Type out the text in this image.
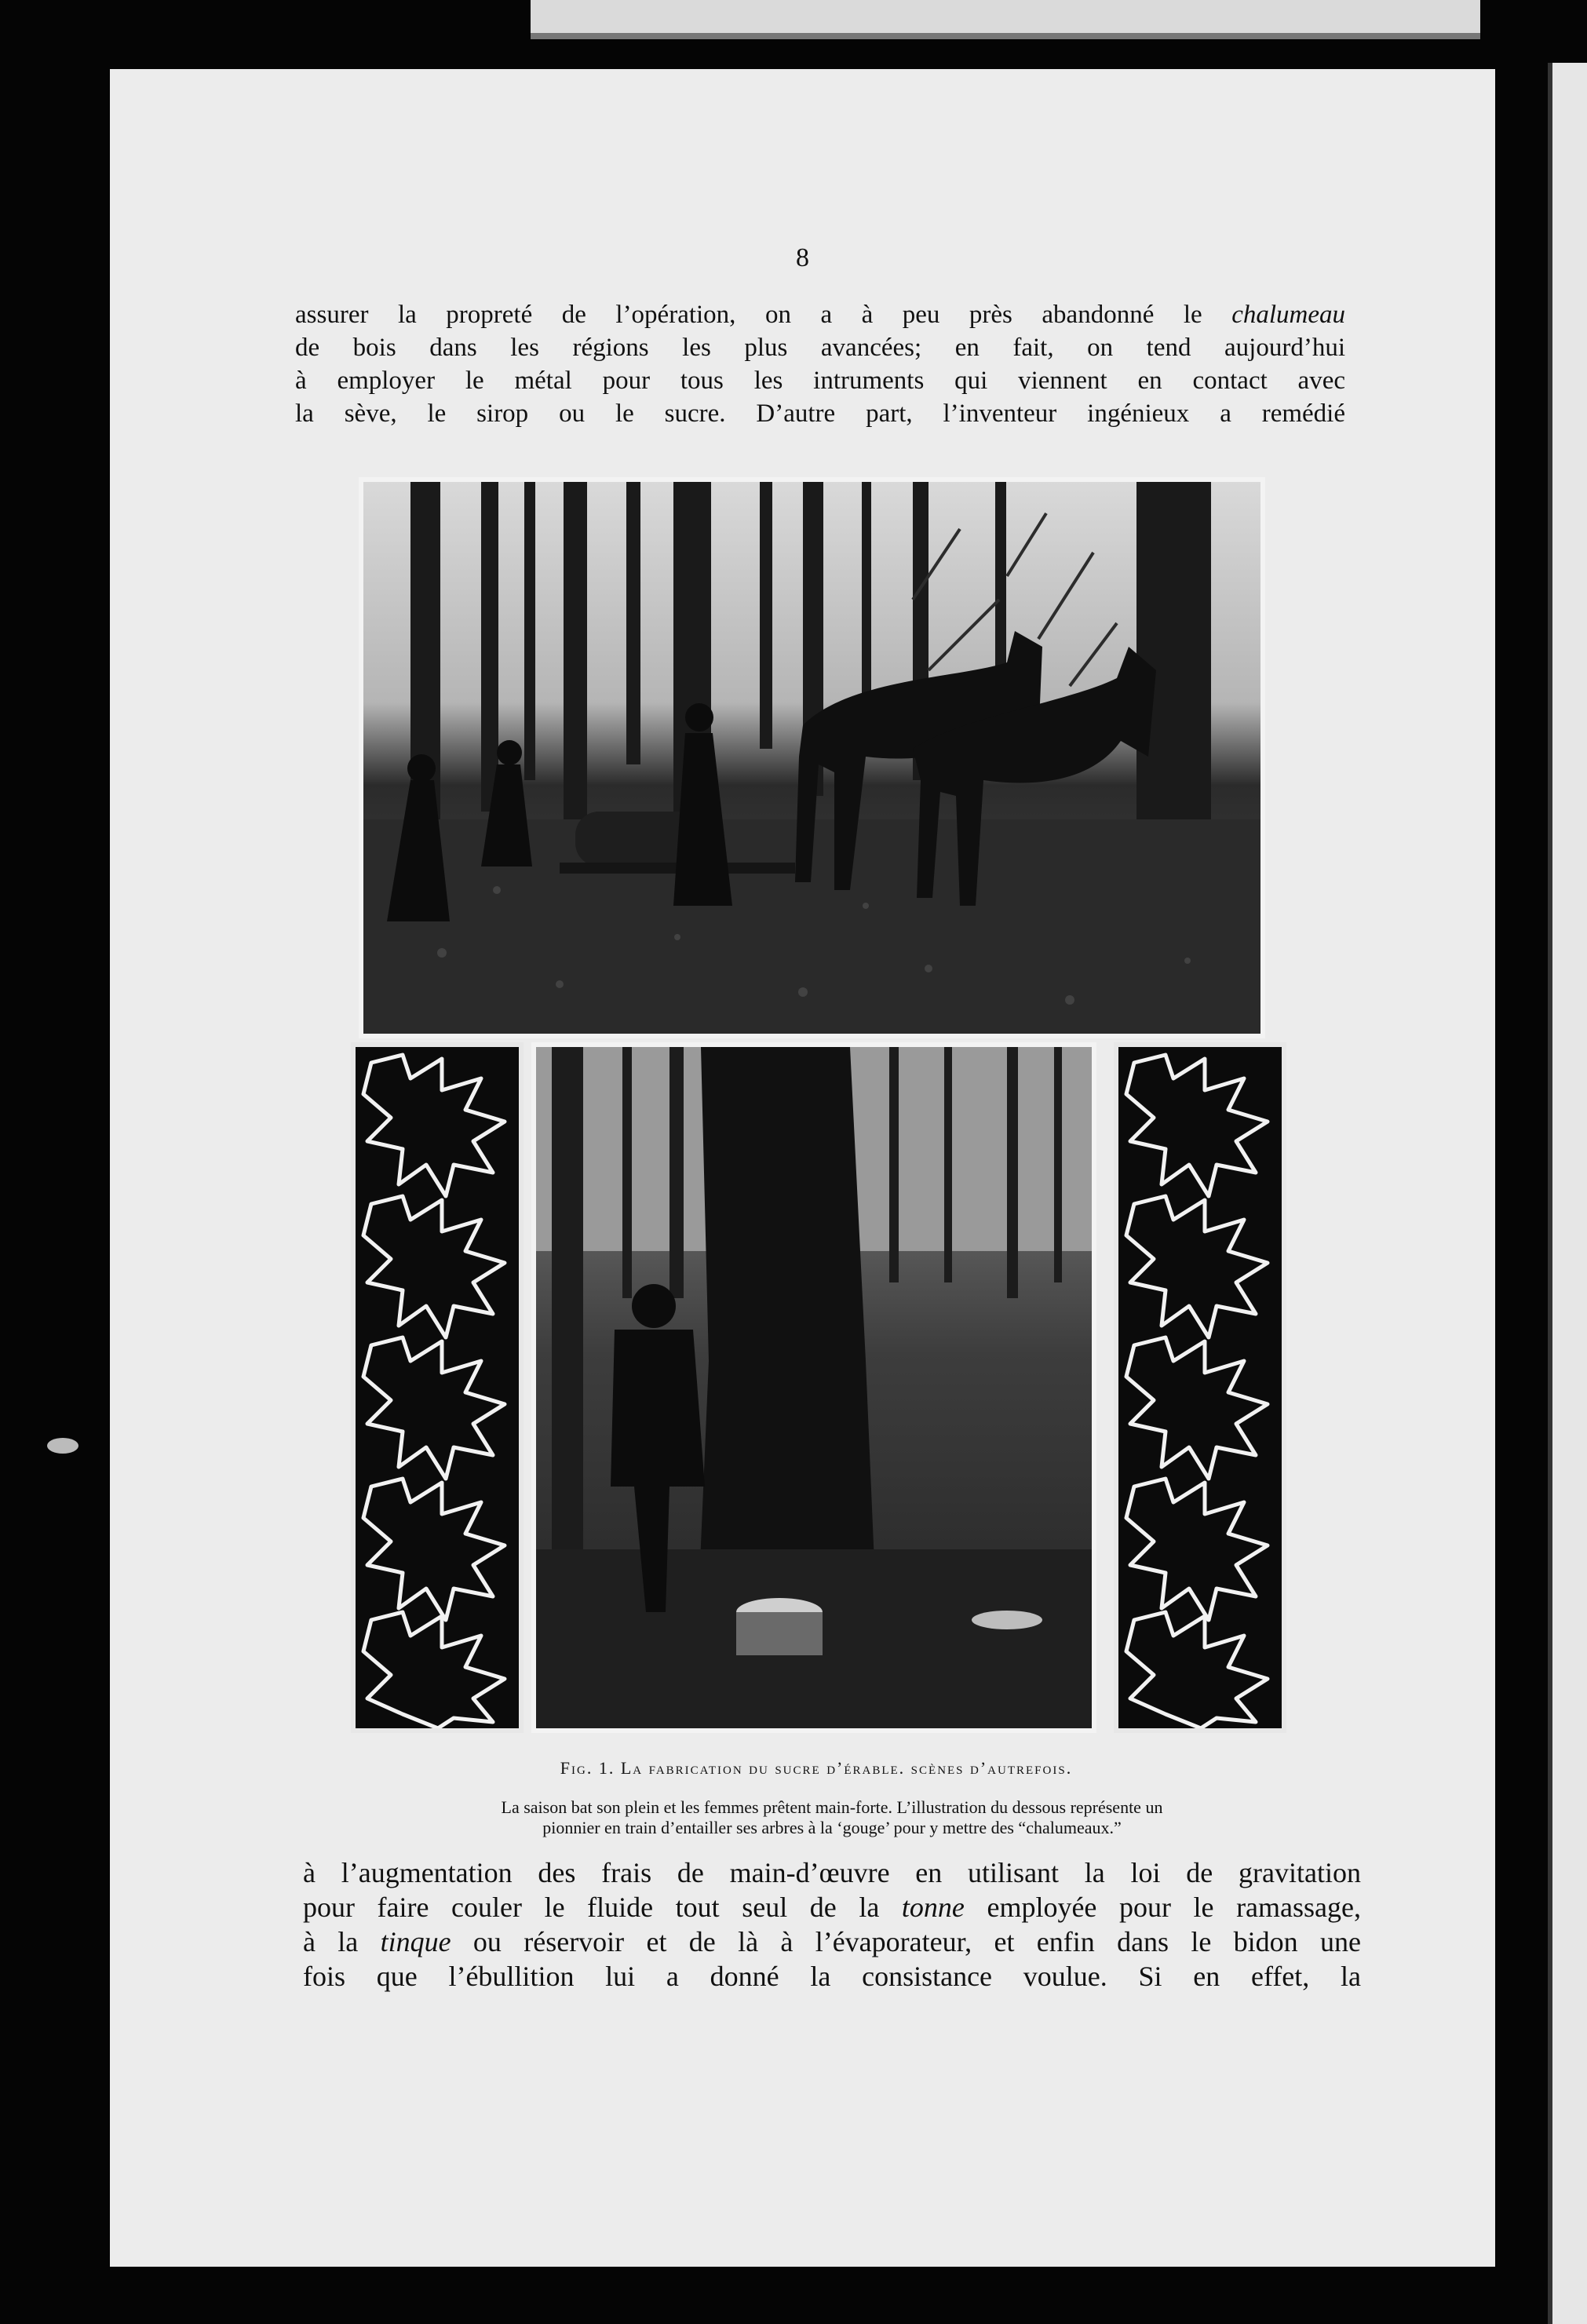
8

assurer la propreté de l’opération, on a à peu près abandonné le chalumeau
de bois dans les régions les plus avancées; en fait, on tend aujourd’hui
à employer le métal pour tous les intruments qui viennent en contact avec
la sève, le sirop ou le sucre. D’autre part, l’inventeur ingénieux a remédié

Fig. 1. La fabrication du sucre d’érable. scènes d’autrefois.

La saison bat son plein et les femmes prêtent main-forte. L’illustration du dessous représente un
pionnier en train d’entailler ses arbres à la ‘gouge’ pour y mettre des “chalumeaux.”

à l’augmentation des frais de main-d’œuvre en utilisant la loi de gravitation
pour faire couler le fluide tout seul de la tonne employée pour le ramassage,
à la tinque ou réservoir et de là à l’évaporateur, et enfin dans le bidon une
fois que l’ébullition lui a donné la consistance voulue. Si en effet, la
